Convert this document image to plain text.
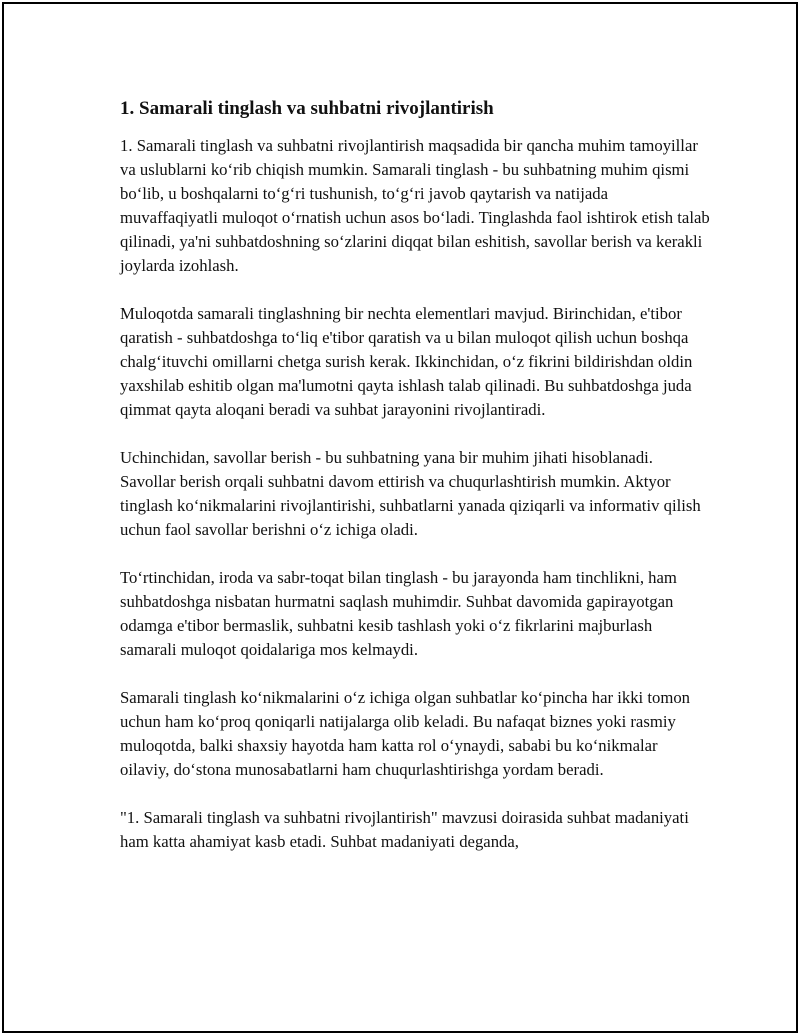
1. Samarali tinglash va suhbatni rivojlantirish

1. Samarali tinglash va suhbatni rivojlantirish maqsadida bir qancha muhim tamoyillar va uslublarni koʻrib chiqish mumkin. Samarali tinglash - bu suhbatning muhim qismi boʻlib, u boshqalarni toʻgʻri tushunish, toʻgʻri javob qaytarish va natijada muvaffaqiyatli muloqot oʻrnatish uchun asos boʻladi. Tinglashda faol ishtirok etish talab qilinadi, ya'ni suhbatdoshning soʻzlarini diqqat bilan eshitish, savollar berish va kerakli joylarda izohlash.

Muloqotda samarali tinglashning bir nechta elementlari mavjud. Birinchidan, e'tibor qaratish - suhbatdoshga toʻliq e'tibor qaratish va u bilan muloqot qilish uchun boshqa chalgʻituvchi omillarni chetga surish kerak. Ikkinchidan, oʻz fikrini bildirishdan oldin yaxshilab eshitib olgan ma'lumotni qayta ishlash talab qilinadi. Bu suhbatdoshga juda qimmat qayta aloqani beradi va suhbat jarayonini rivojlantiradi.

Uchinchidan, savollar berish - bu suhbatning yana bir muhim jihati hisoblanadi. Savollar berish orqali suhbatni davom ettirish va chuqurlashtirish mumkin. Aktyor tinglash koʻnikmalarini rivojlantirishi, suhbatlarni yanada qiziqarli va informativ qilish uchun faol savollar berishni oʻz ichiga oladi.

Toʻrtinchidan, iroda va sabr-toqat bilan tinglash - bu jarayonda ham tinchlikni, ham suhbatdoshga nisbatan hurmatni saqlash muhimdir. Suhbat davomida gapirayotgan odamga e'tibor bermaslik, suhbatni kesib tashlash yoki oʻz fikrlarini majburlash samarali muloqot qoidalariga mos kelmaydi.

Samarali tinglash koʻnikmalarini oʻz ichiga olgan suhbatlar koʻpincha har ikki tomon uchun ham koʻproq qoniqarli natijalarga olib keladi. Bu nafaqat biznes yoki rasmiy muloqotda, balki shaxsiy hayotda ham katta rol oʻynaydi, sababi bu koʻnikmalar oilaviy, doʻstona munosabatlarni ham chuqurlashtirishga yordam beradi.

"1. Samarali tinglash va suhbatni rivojlantirish" mavzusi doirasida suhbat madaniyati ham katta ahamiyat kasb etadi. Suhbat madaniyati deganda,
